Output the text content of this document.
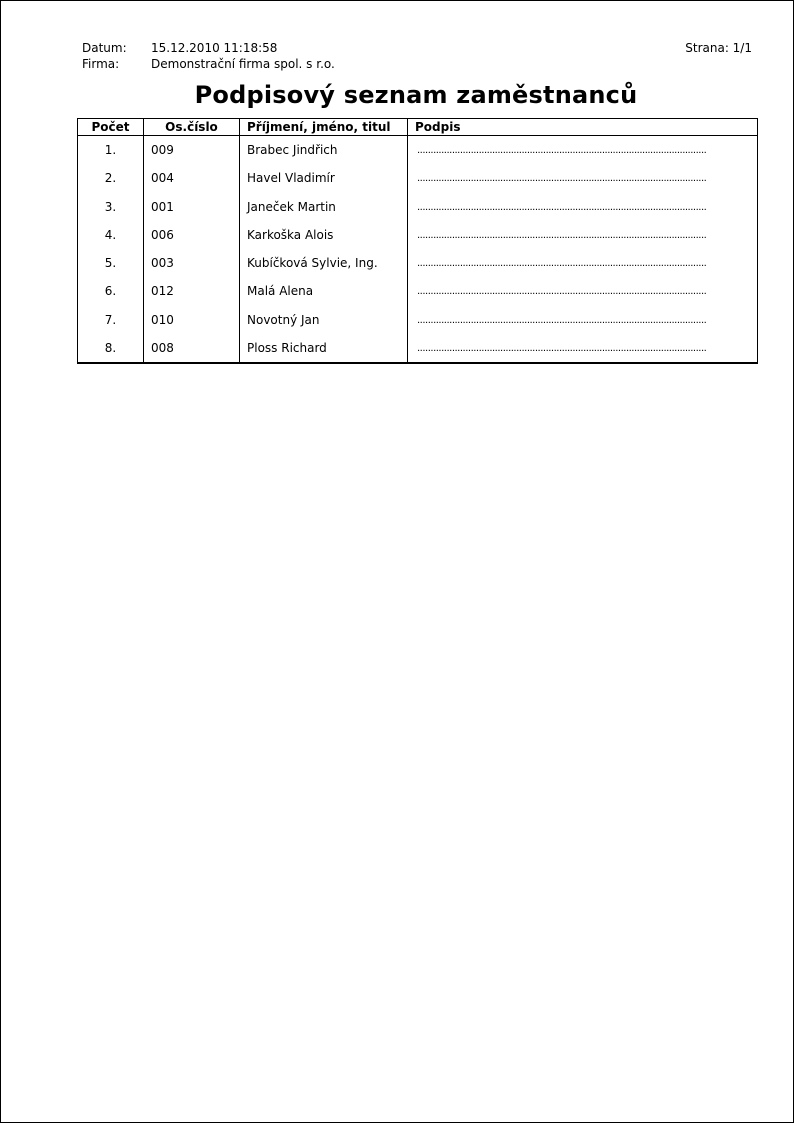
Datum: 15.12.2010 11:18:58
Firma:	Demonstrační firma spol. s r.o.
Strana: 1/1
Podpisový seznam zaměstnanců
Počet	Os.číslo	Příjmení, jméno, titul	Podpis

1.	009	Brabec Jindřich	............................................................................................................

2.	004	Havel Vladimír	............................................................................................................

3.	001	Janeček Martin	............................................................................................................

4.	006	Karkoška Alois	............................................................................................................

5.	003	Kubíčková Sylvie, Ing.	............................................................................................................

6.	012	Malá Alena	............................................................................................................

7.	010	Novotný Jan	............................................................................................................

8.	008	Ploss Richard	............................................................................................................
